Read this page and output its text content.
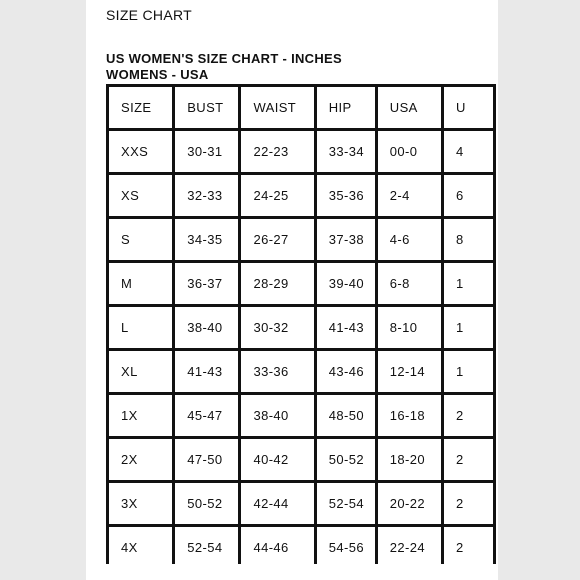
SIZE CHART
US WOMEN'S SIZE CHART - INCHES
WOMENS - USA
SIZE	BUST	WAIST	HIP	USA	U
XXS	30-31	22-23	33-34	00-0	4
XS	32-33	24-25	35-36	2-4	6
S	34-35	26-27	37-38	4-6	8
M	36-37	28-29	39-40	6-8	1
L	38-40	30-32	41-43	8-10	1
XL	41-43	33-36	43-46	12-14	1
1X	45-47	38-40	48-50	16-18	2
2X	47-50	40-42	50-52	18-20	2
3X	50-52	42-44	52-54	20-22	2
4X	52-54	44-46	54-56	22-24	2
